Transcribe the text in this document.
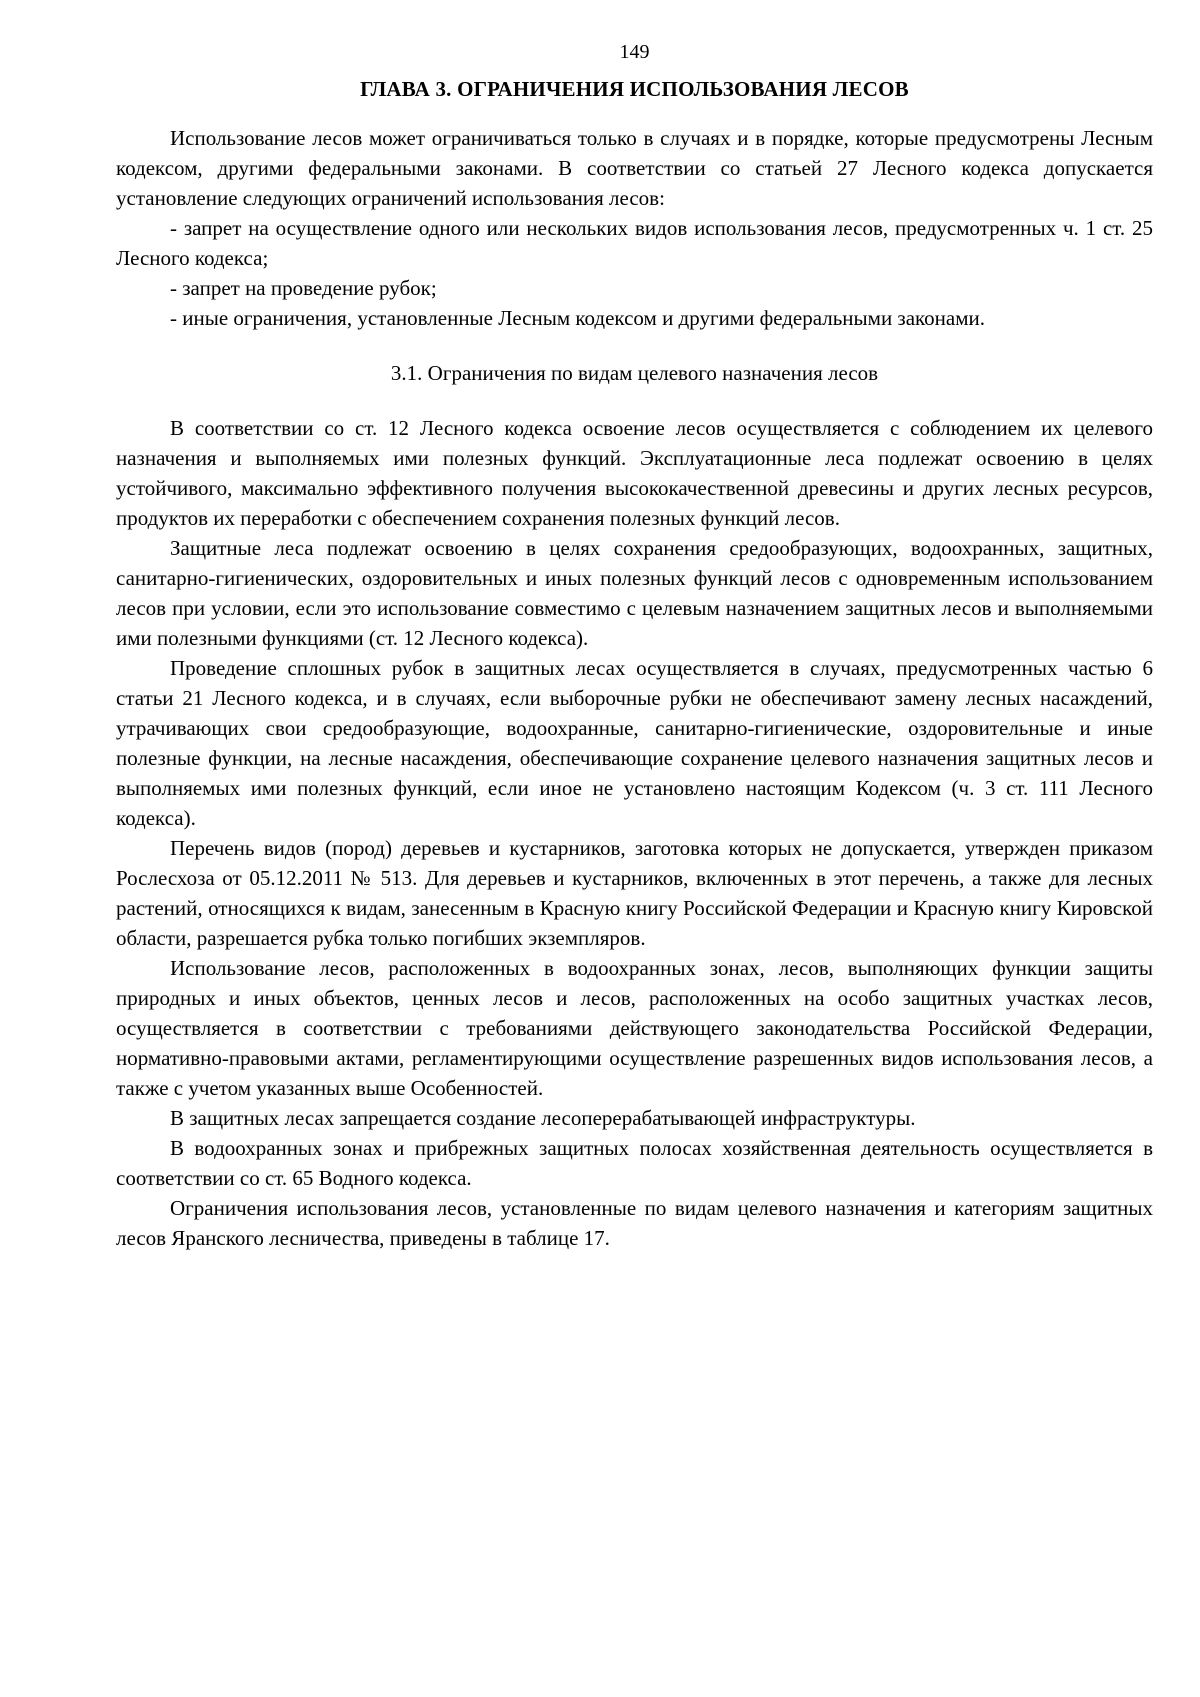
149
ГЛАВА 3. ОГРАНИЧЕНИЯ ИСПОЛЬЗОВАНИЯ ЛЕСОВ

Использование лесов может ограничиваться только в случаях и в порядке, которые предусмотрены Лесным кодексом, другими федеральными законами. В соответствии со статьей 27 Лесного кодекса допускается установление следующих ограничений использования лесов:

- запрет на осуществление одного или нескольких видов использования лесов, предусмотренных ч. 1 ст. 25 Лесного кодекса;

- запрет на проведение рубок;

- иные ограничения, установленные Лесным кодексом и другими федеральными законами.

3.1. Ограничения по видам целевого назначения лесов

В соответствии со ст. 12 Лесного кодекса освоение лесов осуществляется с соблюдением их целевого назначения и выполняемых ими полезных функций. Эксплуатационные леса подлежат освоению в целях устойчивого, максимально эффективного получения высококачественной древесины и других лесных ресурсов, продуктов их переработки с обеспечением сохранения полезных функций лесов.

Защитные леса подлежат освоению в целях сохранения средообразующих, водоохранных, защитных, санитарно-гигиенических, оздоровительных и иных полезных функций лесов с одновременным использованием лесов при условии, если это использование совместимо с целевым назначением защитных лесов и выполняемыми ими полезными функциями (ст. 12 Лесного кодекса).

Проведение сплошных рубок в защитных лесах осуществляется в случаях, предусмотренных частью 6 статьи 21 Лесного кодекса, и в случаях, если выборочные рубки не обеспечивают замену лесных насаждений, утрачивающих свои средообразующие, водоохранные, санитарно-гигиенические, оздоровительные и иные полезные функции, на лесные насаждения, обеспечивающие сохранение целевого назначения защитных лесов и выполняемых ими полезных функций, если иное не установлено настоящим Кодексом (ч. 3 ст. 111 Лесного кодекса).

Перечень видов (пород) деревьев и кустарников, заготовка которых не допускается, утвержден приказом Рослесхоза от 05.12.2011 № 513. Для деревьев и кустарников, включенных в этот перечень, а также для лесных растений, относящихся к видам, занесенным в Красную книгу Российской Федерации и Красную книгу Кировской области, разрешается рубка только погибших экземпляров.

Использование лесов, расположенных в водоохранных зонах, лесов, выполняющих функции защиты природных и иных объектов, ценных лесов и лесов, расположенных на особо защитных участках лесов, осуществляется в соответствии с требованиями действующего законодательства Российской Федерации, нормативно-правовыми актами, регламентирующими осуществление разрешенных видов использования лесов, а также с учетом указанных выше Особенностей.

В защитных лесах запрещается создание лесоперерабатывающей инфраструктуры.

В водоохранных зонах и прибрежных защитных полосах хозяйственная деятельность осуществляется в соответствии со ст. 65 Водного кодекса.

Ограничения использования лесов, установленные по видам целевого назначения и категориям защитных лесов Яранского лесничества, приведены в таблице 17.
